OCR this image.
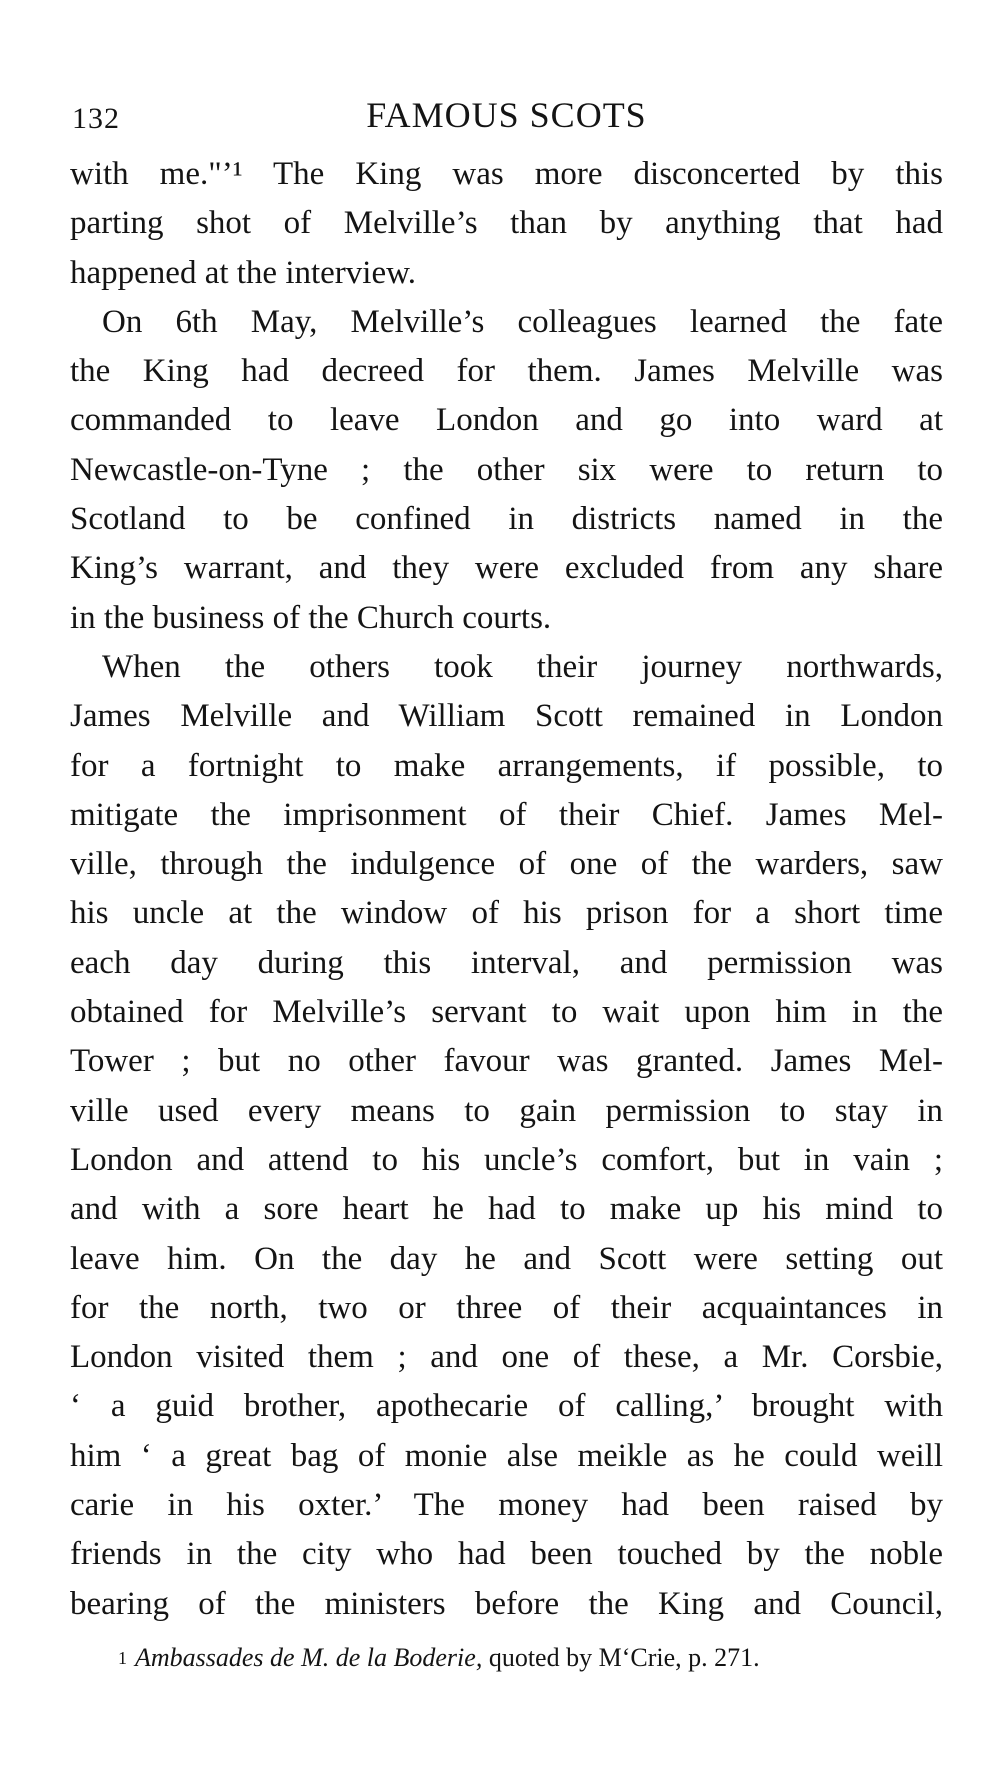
132	FAMOUS SCOTS

with me."’¹ The King was more disconcerted by this
parting shot of Melville’s than by anything that had
happened at the interview.

On 6th May, Melville’s colleagues learned the fate
the King had decreed for them. James Melville was
commanded to leave London and go into ward at
Newcastle-on-Tyne ; the other six were to return to
Scotland to be confined in districts named in the
King’s warrant, and they were excluded from any share
in the business of the Church courts.

When the others took their journey northwards,
James Melville and William Scott remained in London
for a fortnight to make arrangements, if possible, to
mitigate the imprisonment of their Chief. James Mel-
ville, through the indulgence of one of the warders, saw
his uncle at the window of his prison for a short time
each day during this interval, and permission was
obtained for Melville’s servant to wait upon him in the
Tower ; but no other favour was granted. James Mel-
ville used every means to gain permission to stay in
London and attend to his uncle’s comfort, but in vain ;
and with a sore heart he had to make up his mind to
leave him. On the day he and Scott were setting out
for the north, two or three of their acquaintances in
London visited them ; and one of these, a Mr. Corsbie,
‘ a guid brother, apothecarie of calling,’ brought with
him ‘ a great bag of monie alse meikle as he could weill
carie in his oxter.’ The money had been raised by
friends in the city who had been touched by the noble
bearing of the ministers before the King and Council,

$^1$ Ambassades de M. de la Boderie, quoted by M‘Crie, p. 271.
